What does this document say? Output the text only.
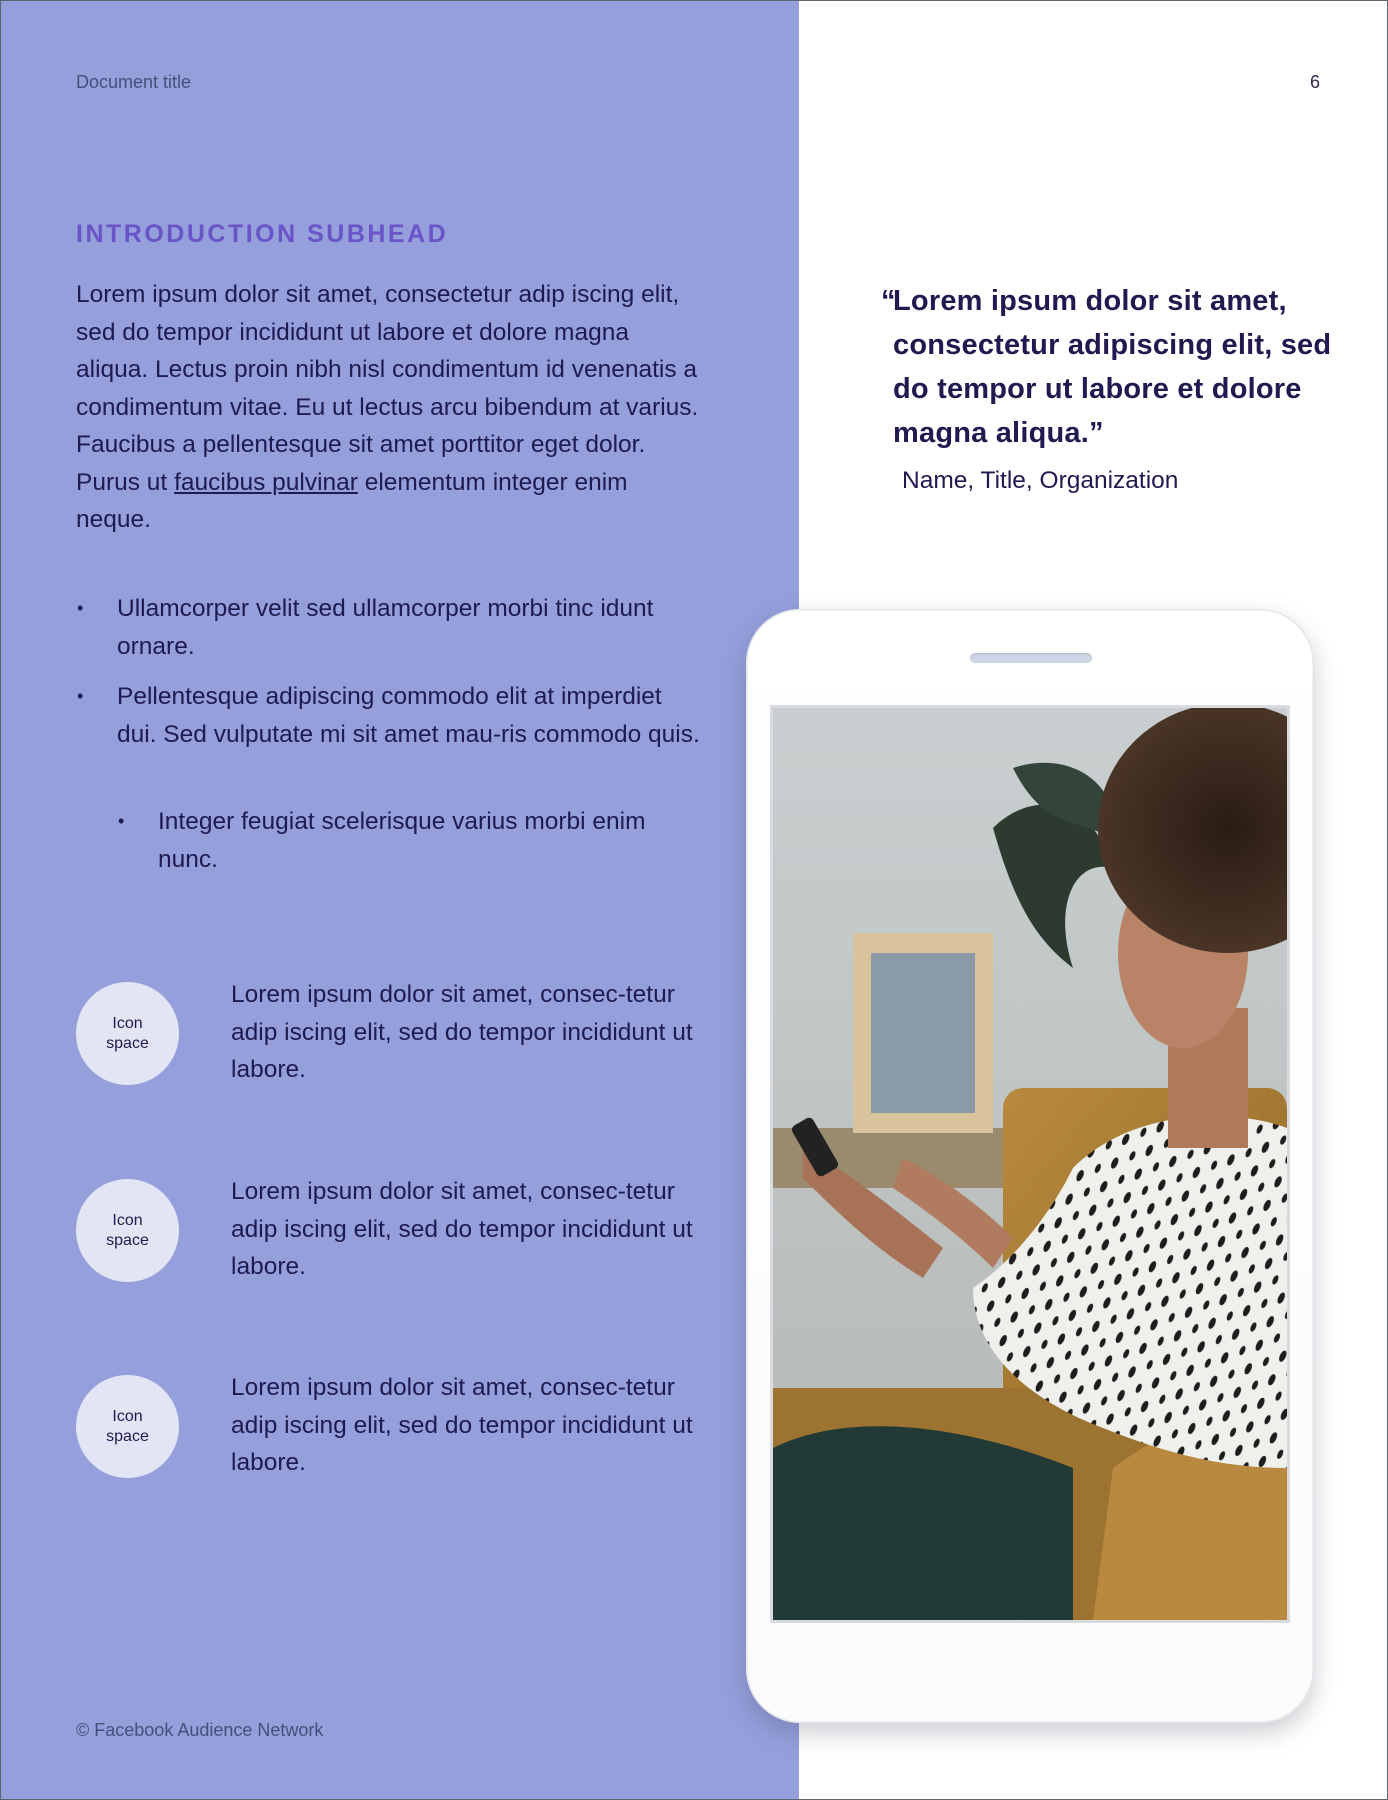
Document title	6
INTRODUCTION SUBHEAD
Lorem ipsum dolor sit amet, consectetur adip iscing elit, sed do tempor incididunt ut labore et dolore magna aliqua. Lectus proin nibh nisl condimentum id venenatis a condimentum vitae. Eu ut lectus arcu bibendum at varius. Faucibus a pellentesque sit amet porttitor eget dolor. Purus ut faucibus pulvinar elementum integer enim neque.
• Ullamcorper velit sed ullamcorper morbi tinc idunt ornare.
• Pellentesque adipiscing commodo elit at imperdiet dui. Sed vulputate mi sit amet mau-ris commodo quis.
• Integer feugiat scelerisque varius morbi enim nunc.
Icon space
Lorem ipsum dolor sit amet, consec-tetur adip iscing elit, sed do tempor incididunt ut labore.
Icon space
Lorem ipsum dolor sit amet, consec-tetur adip iscing elit, sed do tempor incididunt ut labore.
Icon space
Lorem ipsum dolor sit amet, consec-tetur adip iscing elit, sed do tempor incididunt ut labore.
© Facebook Audience Network
“
Lorem ipsum dolor sit amet, consectetur adipiscing elit, sed do tempor ut labore et dolore magna aliqua.”
Name, Title, Organization
